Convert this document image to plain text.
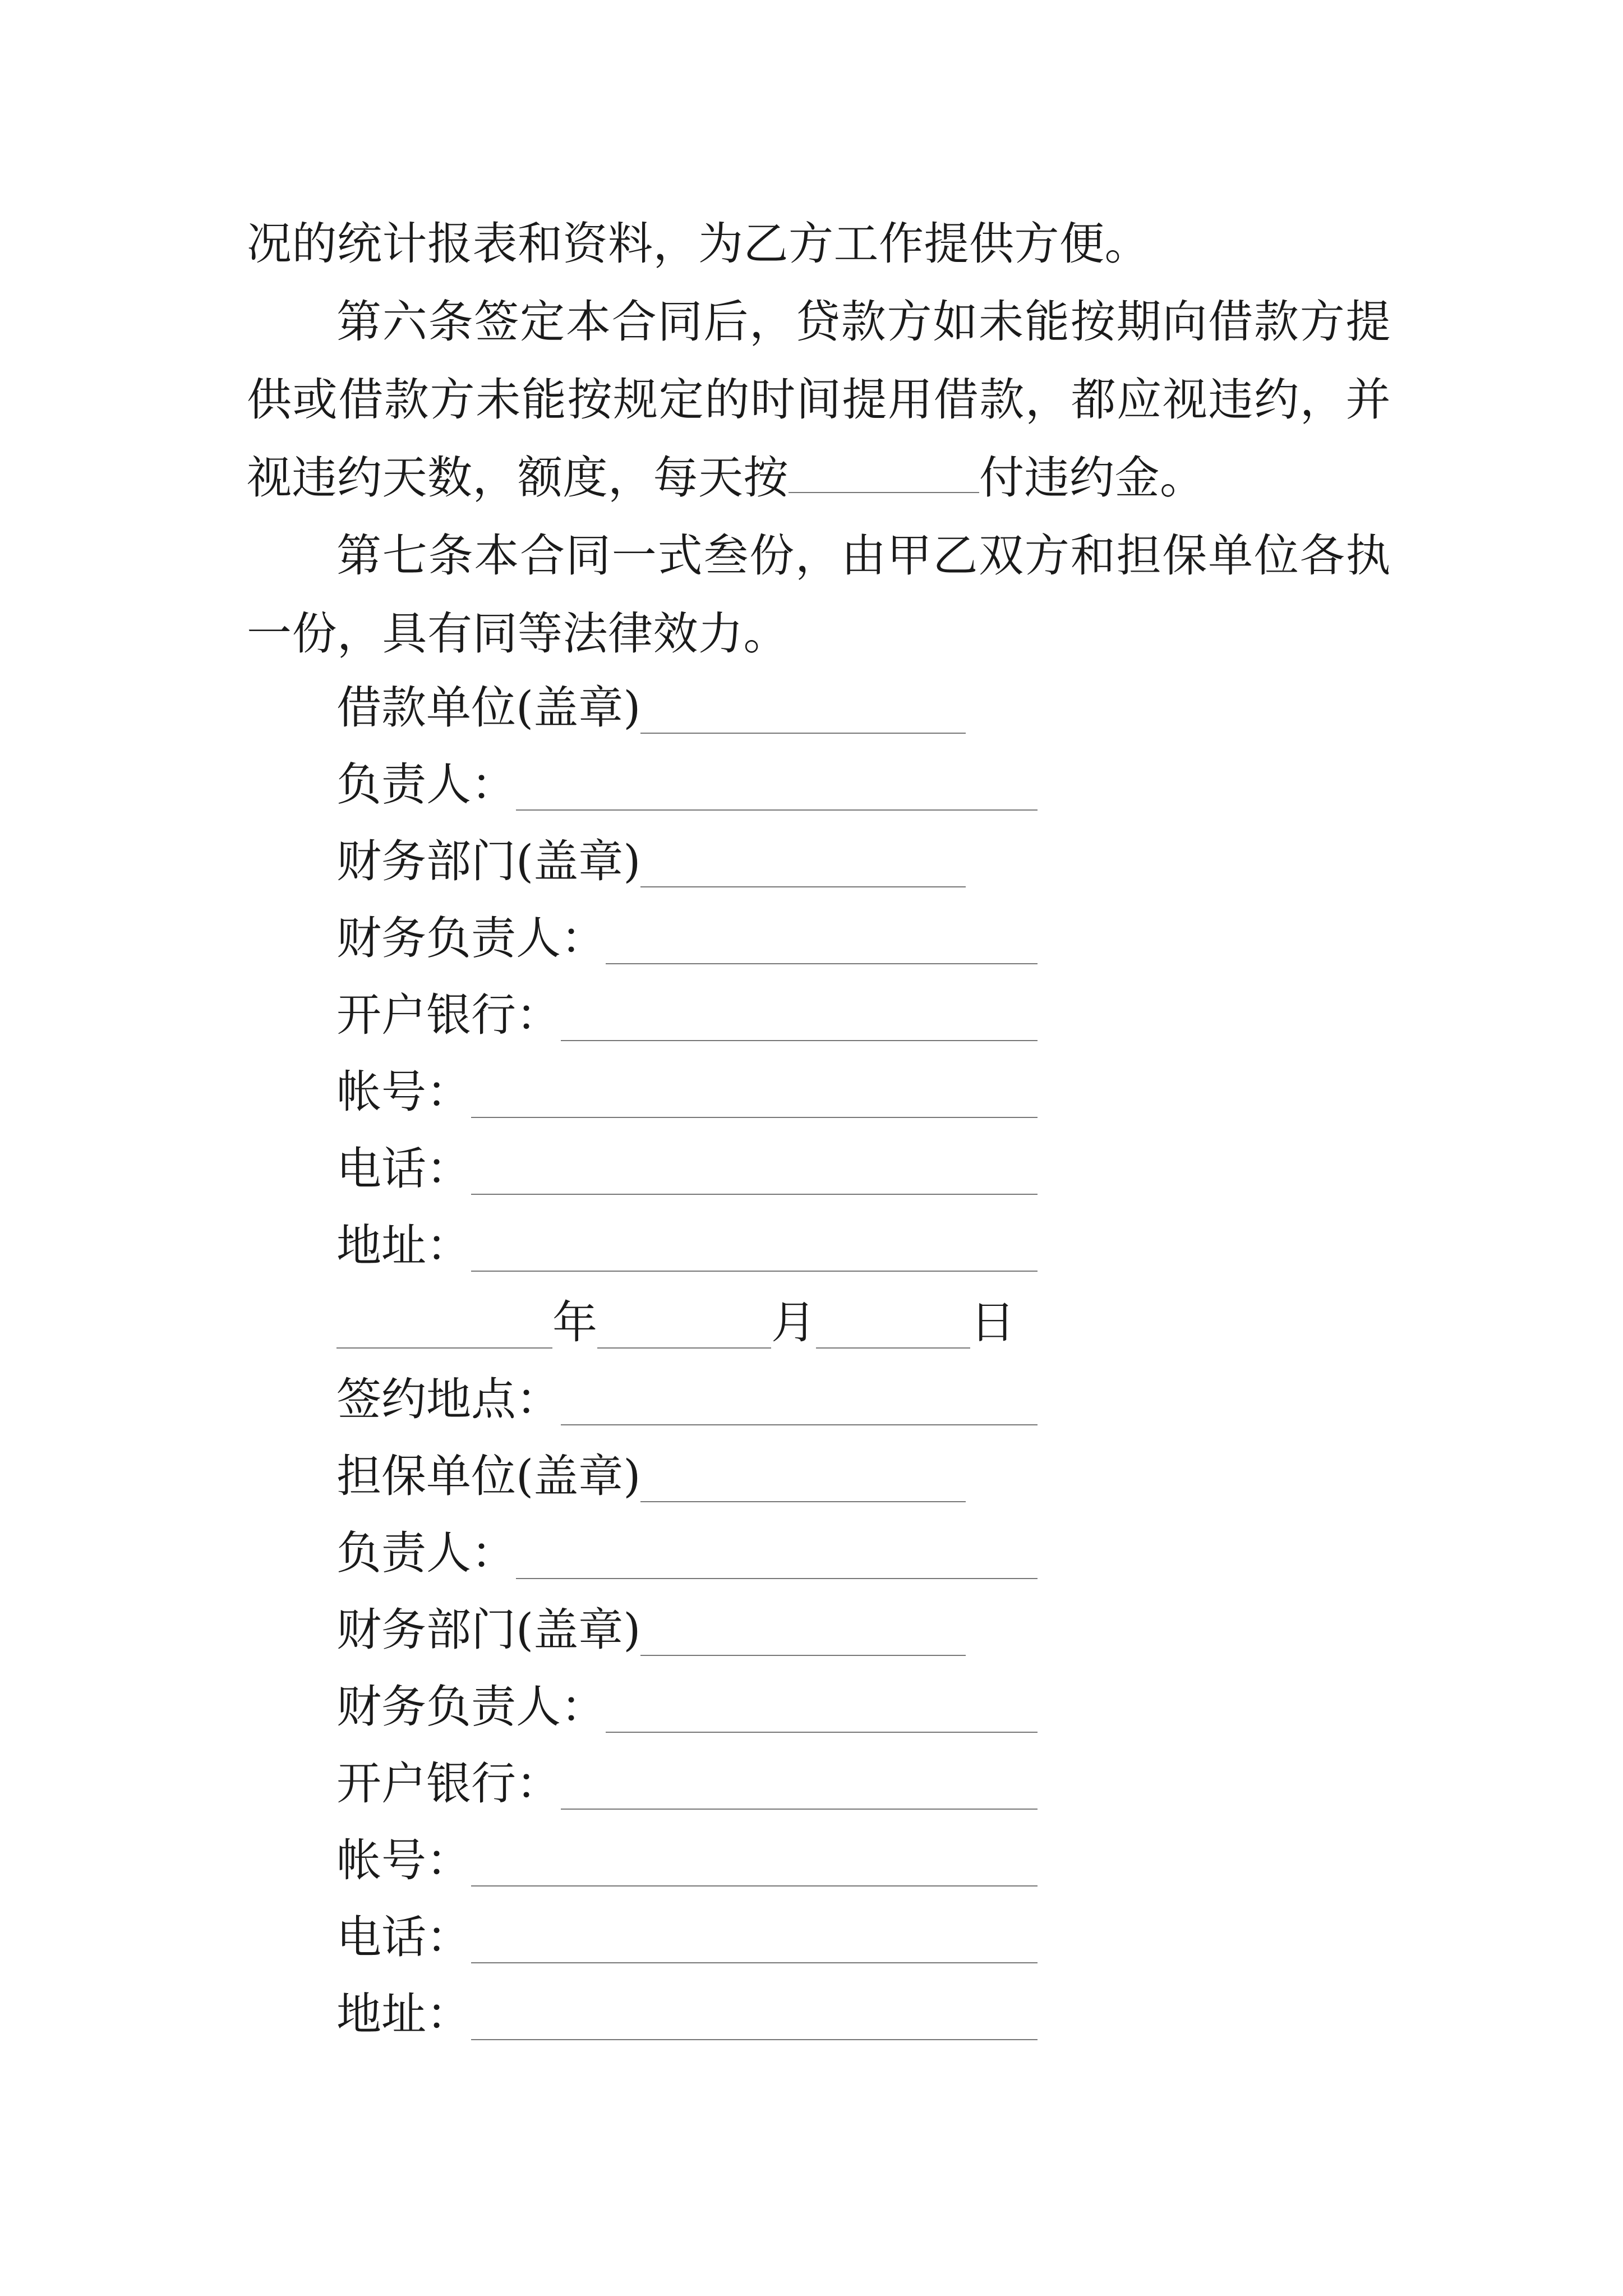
况的统计报表和资料，为乙方工作提供方便。

第六条签定本合同后，贷款方如未能按期向借款方提供或借款方未能按规定的时间提用借款，都应视违约，并视违约天数，额度，每天按	付违约金。

第七条本合同一式叁份，由甲乙双方和担保单位各执一份，具有同等法律效力。

借款单位(盖章)
负责人：
财务部门(盖章)
财务负责人：
开户银行：
帐号：
电话：
地址：
年	月	日
签约地点：
担保单位(盖章)
负责人：
财务部门(盖章)
财务负责人：
开户银行：
帐号：
电话：
地址：
